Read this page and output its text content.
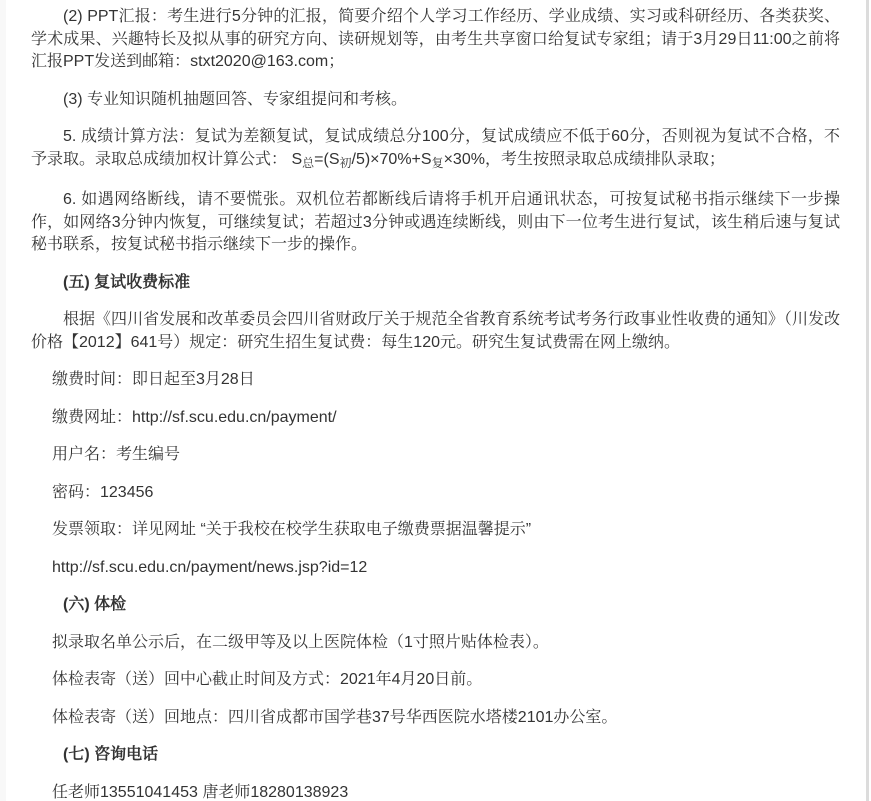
(2) PPT汇报：考生进行5分钟的汇报，简要介绍个人学习工作经历、学业成绩、实习或科研经历、各类获奖、学术成果、兴趣特长及拟从事的研究方向、读研规划等，由考生共享窗口给复试专家组；请于3月29日11:00之前将汇报PPT发送到邮箱：stxt2020@163.com；

(3) 专业知识随机抽题回答、专家组提问和考核。

5. 成绩计算方法：复试为差额复试，复试成绩总分100分，复试成绩应不低于60分，否则视为复试不合格，不予录取。录取总成绩加权计算公式： $S_总=(S_初/5)\times 70\%+S_复\times 30\%$，考生按照录取总成绩排队录取；

6. 如遇网络断线，请不要慌张。双机位若都断线后请将手机开启通讯状态，可按复试秘书指示继续下一步操作，如网络3分钟内恢复，可继续复试；若超过3分钟或遇连续断线，则由下一位考生进行复试，该生稍后速与复试秘书联系，按复试秘书指示继续下一步的操作。

(五) 复试收费标准

根据《四川省发展和改革委员会四川省财政厅关于规范全省教育系统考试考务行政事业性收费的通知》（川发改价格【2012】641号）规定：研究生招生复试费：每生120元。研究生复试费需在网上缴纳。

缴费时间：即日起至3月28日

缴费网址：http://sf.scu.edu.cn/payment/

用户名：考生编号

密码：123456

发票领取：详见网址 “关于我校在校学生获取电子缴费票据温馨提示”

http://sf.scu.edu.cn/payment/news.jsp?id=12

(六) 体检

拟录取名单公示后，在二级甲等及以上医院体检（1寸照片贴体检表）。

体检表寄（送）回中心截止时间及方式：2021年4月20日前。

体检表寄（送）回地点：四川省成都市国学巷37号华西医院水塔楼2101办公室。

(七) 咨询电话

任老师13551041453 唐老师18280138923
